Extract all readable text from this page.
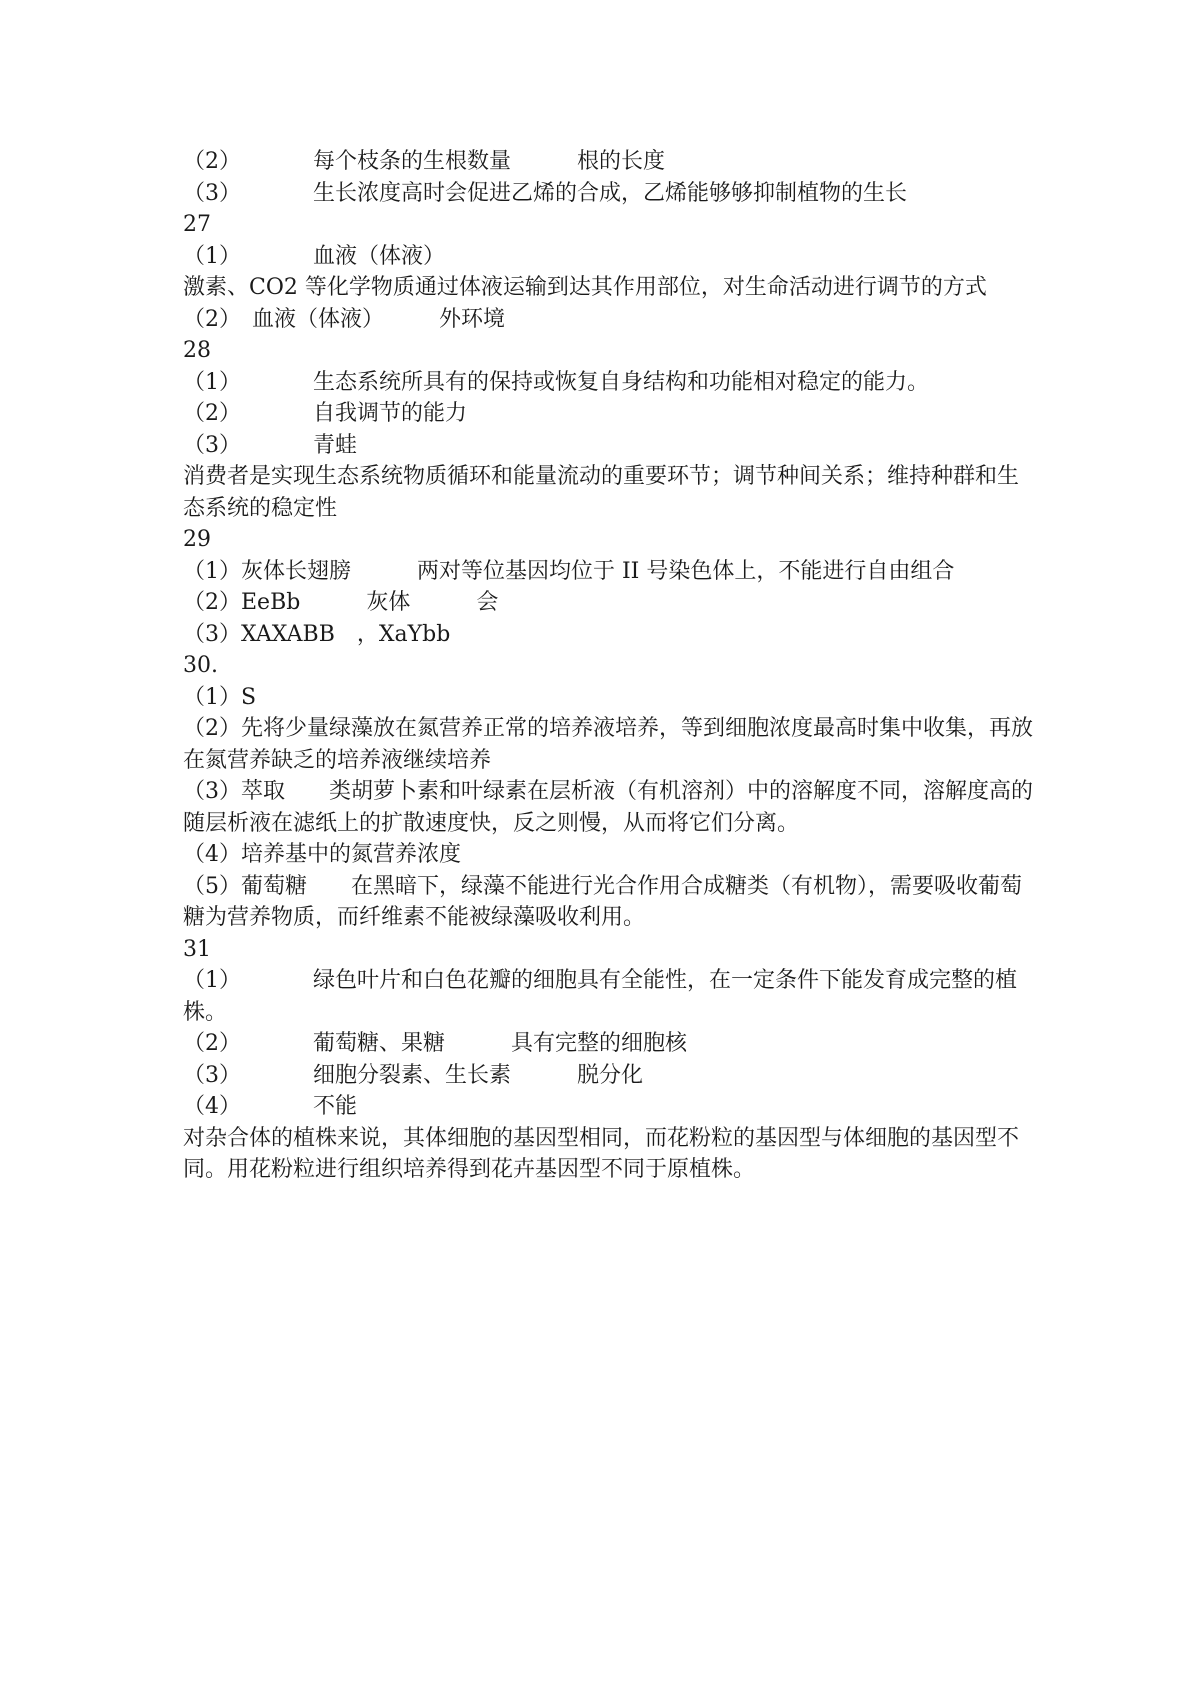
（2）	每个枝条的生根数量　　　根的长度
（3）	生长浓度高时会促进乙烯的合成，乙烯能够够抑制植物的生长
27
（1）	血液（体液）
激素、CO2 等化学物质通过体液运输到达其作用部位，对生命活动进行调节的方式
（2）　血液（体液）　　　外环境
28
（1）	生态系统所具有的保持或恢复自身结构和功能相对稳定的能力。
（2）	自我调节的能力
（3）	青蛙
消费者是实现生态系统物质循环和能量流动的重要环节；调节种间关系；维持种群和生态系统的稳定性
29
（1）灰体长翅膀　　　两对等位基因均位于 II 号染色体上，不能进行自由组合
（2）EeBb　　　灰体　　　会
（3）XAXABB　，XaYbb
30.
（1）S
（2）先将少量绿藻放在氮营养正常的培养液培养，等到细胞浓度最高时集中收集，再放在氮营养缺乏的培养液继续培养
（3）萃取　　类胡萝卜素和叶绿素在层析液（有机溶剂）中的溶解度不同，溶解度高的随层析液在滤纸上的扩散速度快，反之则慢，从而将它们分离。
（4）培养基中的氮营养浓度
（5）葡萄糖　　在黑暗下，绿藻不能进行光合作用合成糖类（有机物），需要吸收葡萄糖为营养物质，而纤维素不能被绿藻吸收利用。
31
（1）	绿色叶片和白色花瓣的细胞具有全能性，在一定条件下能发育成完整的植株。
（2）	葡萄糖、果糖　　　具有完整的细胞核
（3）	细胞分裂素、生长素　　　脱分化
（4）	不能
对杂合体的植株来说，其体细胞的基因型相同，而花粉粒的基因型与体细胞的基因型不同。用花粉粒进行组织培养得到花卉基因型不同于原植株。
